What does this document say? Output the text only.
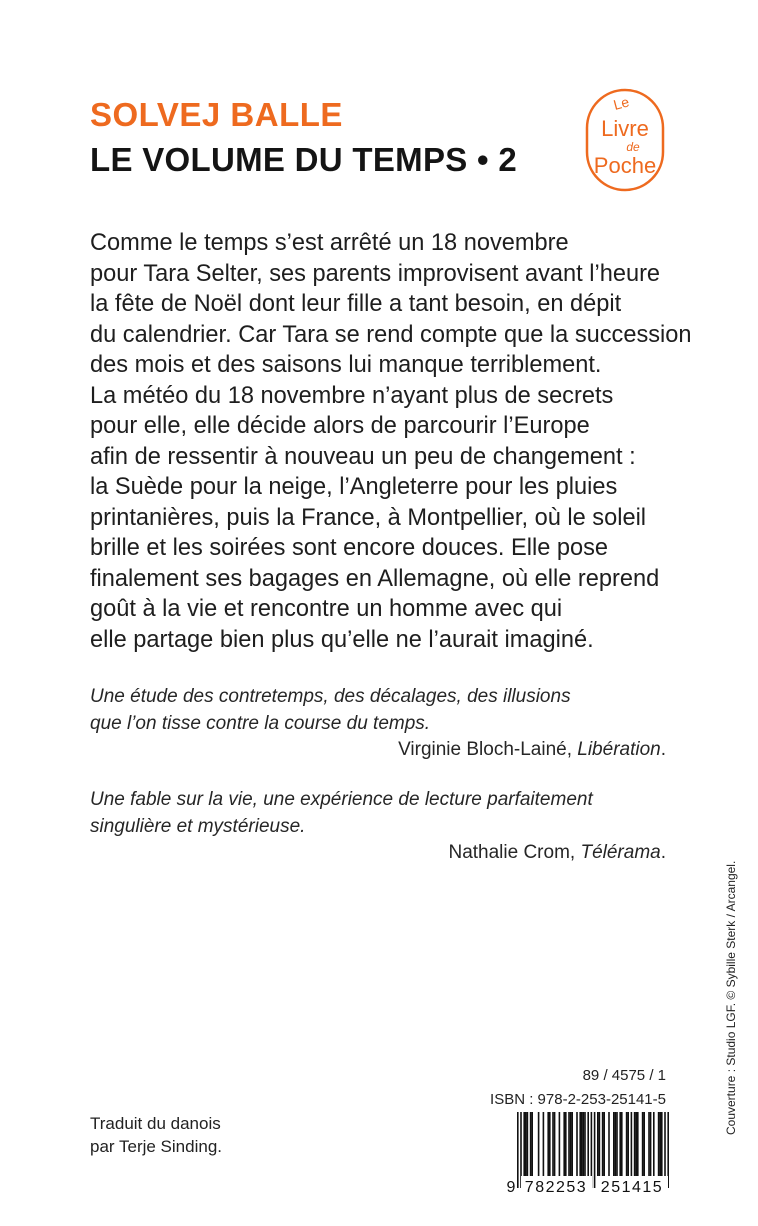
SOLVEJ BALLE
LE VOLUME DU TEMPS • 2
Le
Livre
de
Poche
Comme le temps s’est arrêté un 18 novembre
pour Tara Selter, ses parents improvisent avant l’heure
la fête de Noël dont leur fille a tant besoin, en dépit
du calendrier. Car Tara se rend compte que la succession
des mois et des saisons lui manque terriblement.
La météo du 18 novembre n’ayant plus de secrets
pour elle, elle décide alors de parcourir l’Europe
afin de ressentir à nouveau un peu de changement :
la Suède pour la neige, l’Angleterre pour les pluies
printanières, puis la France, à Montpellier, où le soleil
brille et les soirées sont encore douces. Elle pose
finalement ses bagages en Allemagne, où elle reprend
goût à la vie et rencontre un homme avec qui
elle partage bien plus qu’elle ne l’aurait imaginé.
Une étude des contretemps, des décalages, des illusions
que l’on tisse contre la course du temps.
Virginie Bloch-Lainé, Libération.
Une fable sur la vie, une expérience de lecture parfaitement
singulière et mystérieuse.
Nathalie Crom, Télérama.
Traduit du danois
par Terje Sinding.
89 / 4575 / 1
ISBN : 978-2-253-25141-5
9 782253 251415
Couverture : Studio LGF. © Sybille Sterk / Arcangel.
